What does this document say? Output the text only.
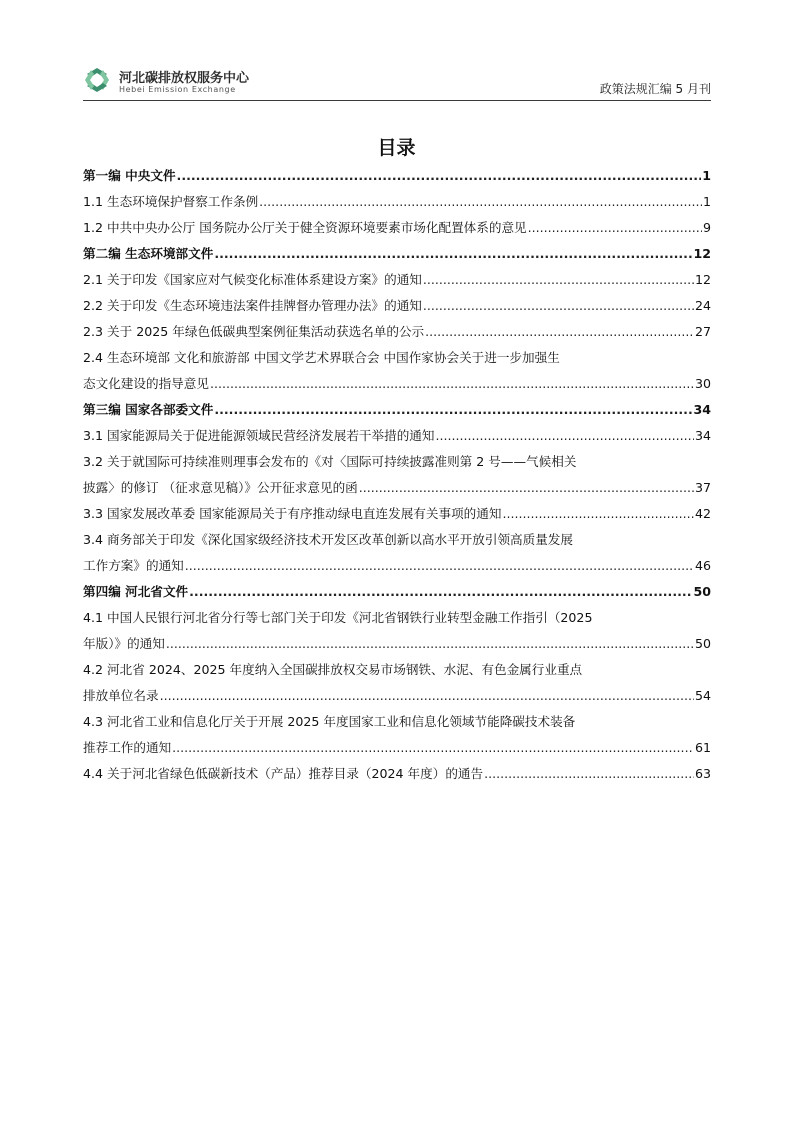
河北碳排放权服务中心
Hebei Emission Exchange	政策法规汇编 5 月刊
目录
第一编 中央文件 .....	1
1.1 生态环境保护督察工作条例 .....	1
1.2 中共中央办公厅 国务院办公厅关于健全资源环境要素市场化配置体系的意见 .....	9
第二编 生态环境部文件 .....	12
2.1 关于印发《国家应对气候变化标准体系建设方案》的通知 .....	12
2.2 关于印发《生态环境违法案件挂牌督办管理办法》的通知 .....	24
2.3 关于 2025 年绿色低碳典型案例征集活动获选名单的公示 .....	27
2.4 生态环境部 文化和旅游部 中国文学艺术界联合会 中国作家协会关于进一步加强生
态文化建设的指导意见 .....	30
第三编 国家各部委文件 .....	34
3.1 国家能源局关于促进能源领域民营经济发展若干举措的通知 .....	34
3.2 关于就国际可持续准则理事会发布的《对〈国际可持续披露准则第 2 号——气候相关
披露〉的修订 （征求意见稿）》公开征求意见的函 .....	37
3.3 国家发展改革委 国家能源局关于有序推动绿电直连发展有关事项的通知 .....	42
3.4 商务部关于印发《深化国家级经济技术开发区改革创新以高水平开放引领高质量发展
工作方案》的通知 .....	46
第四编 河北省文件 .....	50
4.1 中国人民银行河北省分行等七部门关于印发《河北省钢铁行业转型金融工作指引（2025
年版）》的通知 .....	50
4.2 河北省 2024、2025 年度纳入全国碳排放权交易市场钢铁、水泥、有色金属行业重点
排放单位名录 .....	54
4.3 河北省工业和信息化厅关于开展 2025 年度国家工业和信息化领域节能降碳技术装备
推荐工作的通知 .....	61
4.4 关于河北省绿色低碳新技术（产品）推荐目录（2024 年度）的通告 .....	63
